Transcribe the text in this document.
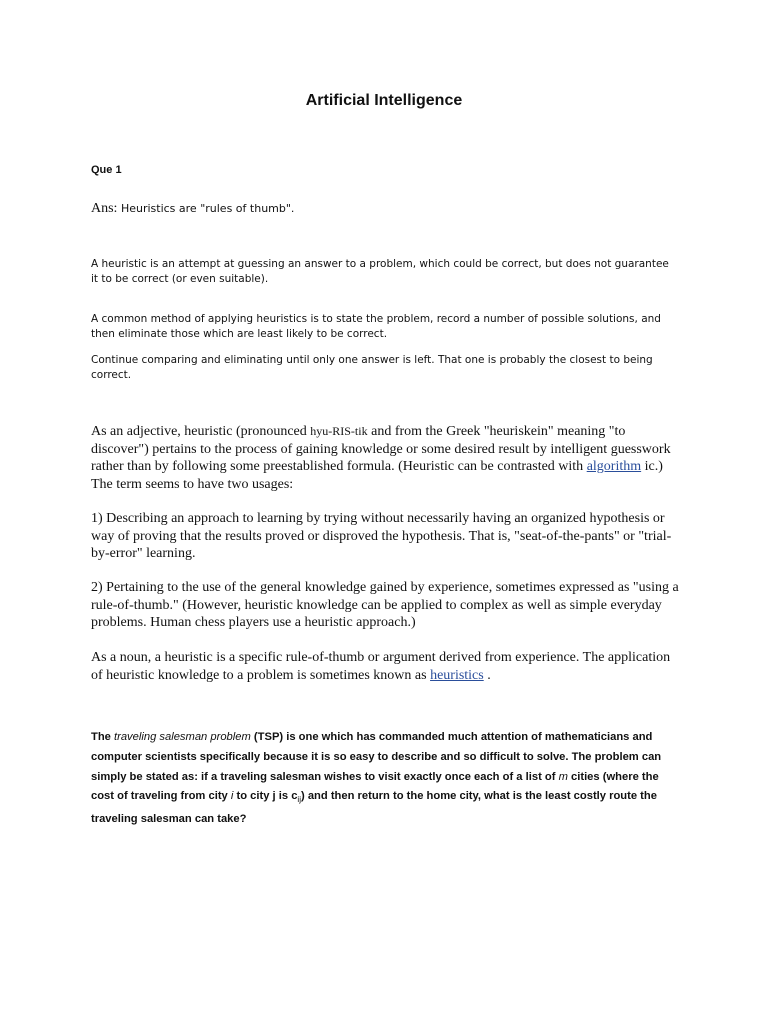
Artificial Intelligence

Que 1

Ans: Heuristics are "rules of thumb".

A heuristic is an attempt at guessing an answer to a problem, which could be correct, but does not guarantee it to be correct (or even suitable).

A common method of applying heuristics is to state the problem, record a number of possible solutions, and then eliminate those which are least likely to be correct.

Continue comparing and eliminating until only one answer is left. That one is probably the closest to being correct.

As an adjective, heuristic (pronounced hyu-RIS-tik and from the Greek "heuriskein" meaning "to discover") pertains to the process of gaining knowledge or some desired result by intelligent guesswork rather than by following some preestablished formula. (Heuristic can be contrasted with algorithm ic.) The term seems to have two usages:

1) Describing an approach to learning by trying without necessarily having an organized hypothesis or way of proving that the results proved or disproved the hypothesis. That is, "seat-of-the-pants" or "trial-by-error" learning.

2) Pertaining to the use of the general knowledge gained by experience, sometimes expressed as "using a rule-of-thumb." (However, heuristic knowledge can be applied to complex as well as simple everyday problems. Human chess players use a heuristic approach.)

As a noun, a heuristic is a specific rule-of-thumb or argument derived from experience. The application of heuristic knowledge to a problem is sometimes known as heuristics .

The traveling salesman problem (TSP) is one which has commanded much attention of mathematicians and computer scientists specifically because it is so easy to describe and so difficult to solve. The problem can simply be stated as: if a traveling salesman wishes to visit exactly once each of a list of m cities (where the cost of traveling from city i to city j is $c_{ij}$) and then return to the home city, what is the least costly route the traveling salesman can take?
